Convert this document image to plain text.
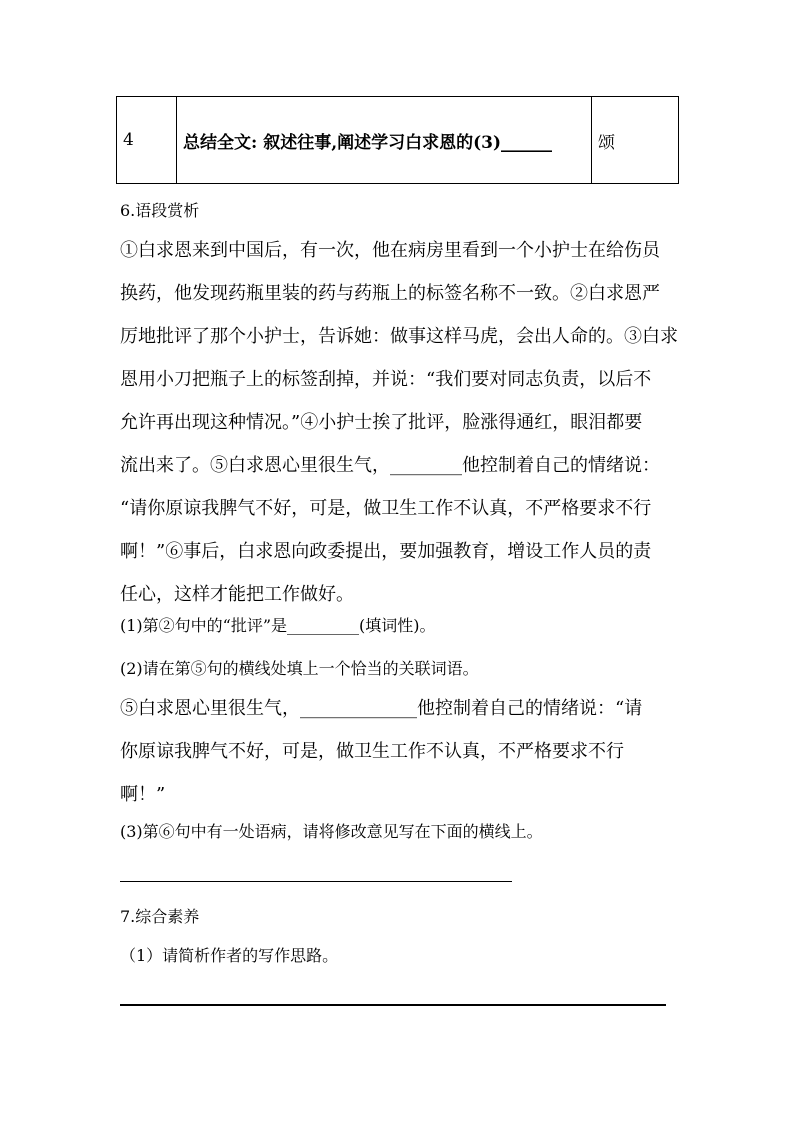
4	总结全文: 叙述往事,阐述学习白求恩的(3)______	颂
6.语段赏析
①白求恩来到中国后，有一次，他在病房里看到一个小护士在给伤员
换药，他发现药瓶里装的药与药瓶上的标签名称不一致。②白求恩严
厉地批评了那个小护士，告诉她：做事这样马虎，会出人命的。③白求
恩用小刀把瓶子上的标签刮掉，并说：“我们要对同志负责，以后不
允许再出现这种情况。”④小护士挨了批评，脸涨得通红，眼泪都要
流出来了。⑤白求恩心里很生气，________他控制着自己的情绪说：
“请你原谅我脾气不好，可是，做卫生工作不认真，不严格要求不行
啊！”⑥事后，白求恩向政委提出，要加强教育，增设工作人员的责
任心，这样才能把工作做好。
(1)第②句中的“批评”是_________(填词性)。
(2)请在第⑤句的横线处填上一个恰当的关联词语。
⑤白求恩心里很生气，_____________他控制着自己的情绪说：“请
你原谅我脾气不好，可是，做卫生工作不认真，不严格要求不行
啊！”
(3)第⑥句中有一处语病，请将修改意见写在下面的横线上。
7.综合素养
（1）请简析作者的写作思路。
